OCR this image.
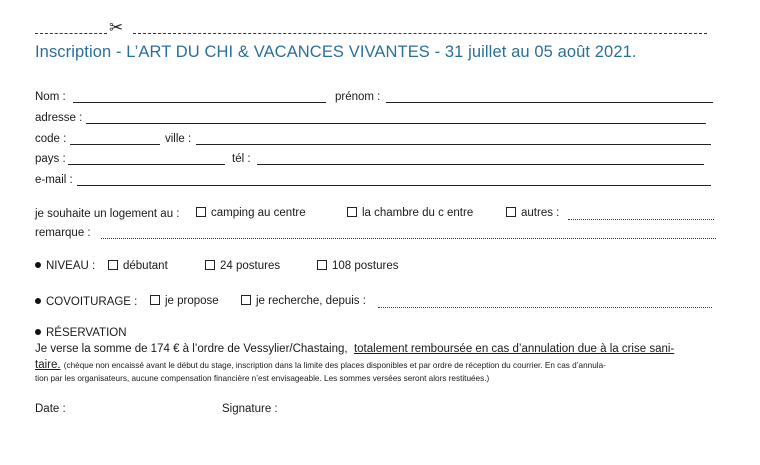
✂
Inscription - L’ART DU CHI & VACANCES VIVANTES - 31 juillet au 05 août 2021.
Nom :	prénom :
adresse :
code :	ville :
pays :	tél :
e-mail :
je souhaite un logement au :	camping au centre	la chambre du c entre	autres :
remarque :
NIVEAU :	débutant	24 postures	108 postures
COVOITURAGE :	je propose	je recherche, depuis :
RÉSERVATION
Je verse la somme de 174 € à l’ordre de Vessylier/Chastaing, totalement remboursée en cas d’annulation due à la crise sani-
taire. (chèque non encaissé avant le début du stage, inscription dans la limite des places disponibles et par ordre de réception du courrier. En cas d’annula-
tion par les organisateurs, aucune compensation financière n’est envisageable. Les sommes versées seront alors restituées.)
Date :	Signature :
